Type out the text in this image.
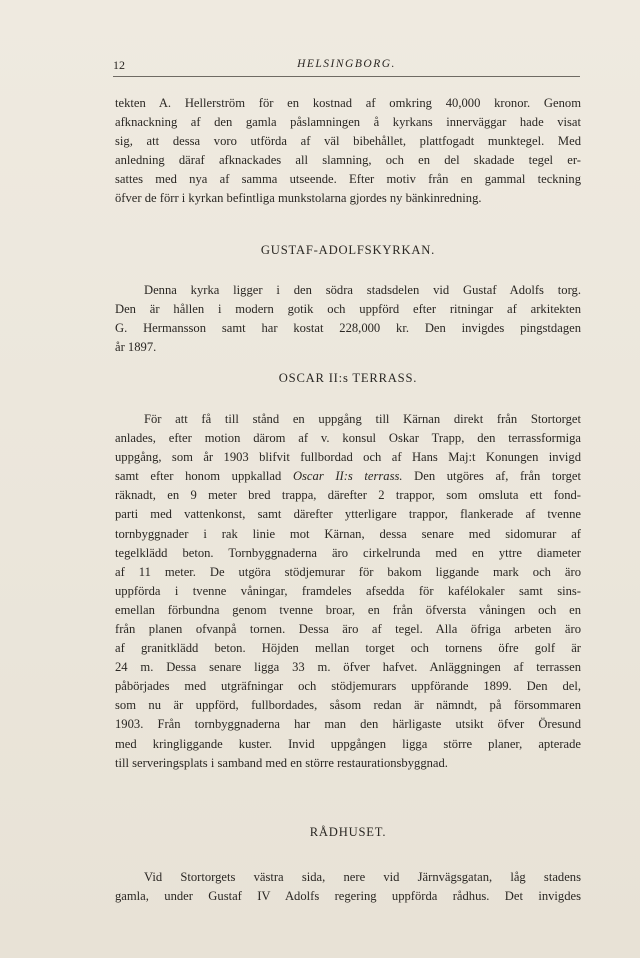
12	HELSINGBORG.

tekten A. Hellerström för en kostnad af omkring 40,000 kronor. Genom

afknackning af den gamla påslamningen å kyrkans innerväggar hade visat

sig, att dessa voro utförda af väl bibehållet, plattfogadt munktegel. Med

anledning däraf afknackades all slamning, och en del skadade tegel er-

sattes med nya af samma utseende. Efter motiv från en gammal teckning

öfver de förr i kyrkan befintliga munkstolarna gjordes ny bänkinredning.

GUSTAF-ADOLFSKYRKAN.

Denna kyrka ligger i den södra stadsdelen vid Gustaf Adolfs torg.

Den är hållen i modern gotik och uppförd efter ritningar af arkitekten

G. Hermansson samt har kostat 228,000 kr. Den invigdes pingstdagen

år 1897.

OSCAR II:s TERRASS.

För att få till stånd en uppgång till Kärnan direkt från Stortorget

anlades, efter motion därom af v. konsul Oskar Trapp, den terrassformiga

uppgång, som år 1903 blifvit fullbordad och af Hans Maj:t Konungen invigd

samt efter honom uppkallad Oscar II:s terrass. Den utgöres af, från torget

räknadt, en 9 meter bred trappa, därefter 2 trappor, som omsluta ett fond-

parti med vattenkonst, samt därefter ytterligare trappor, flankerade af tvenne

tornbyggnader i rak linie mot Kärnan, dessa senare med sidomurar af

tegelklädd beton. Tornbyggnaderna äro cirkelrunda med en yttre diameter

af 11 meter. De utgöra stödjemurar för bakom liggande mark och äro

uppförda i tvenne våningar, framdeles afsedda för kafélokaler samt sins-

emellan förbundna genom tvenne broar, en från öfversta våningen och en

från planen ofvanpå tornen. Dessa äro af tegel. Alla öfriga arbeten äro

af granitklädd beton. Höjden mellan torget och tornens öfre golf är

24 m. Dessa senare ligga 33 m. öfver hafvet. Anläggningen af terrassen

påbörjades med utgräfningar och stödjemurars uppförande 1899. Den del,

som nu är uppförd, fullbordades, såsom redan är nämndt, på försommaren

1903. Från tornbyggnaderna har man den härligaste utsikt öfver Öresund

med kringliggande kuster. Invid uppgången ligga större planer, apterade

till serveringsplats i samband med en större restaurationsbyggnad.

RÅDHUSET.

Vid Stortorgets västra sida, nere vid Järnvägsgatan, låg stadens

gamla, under Gustaf IV Adolfs regering uppförda rådhus. Det invigdes
